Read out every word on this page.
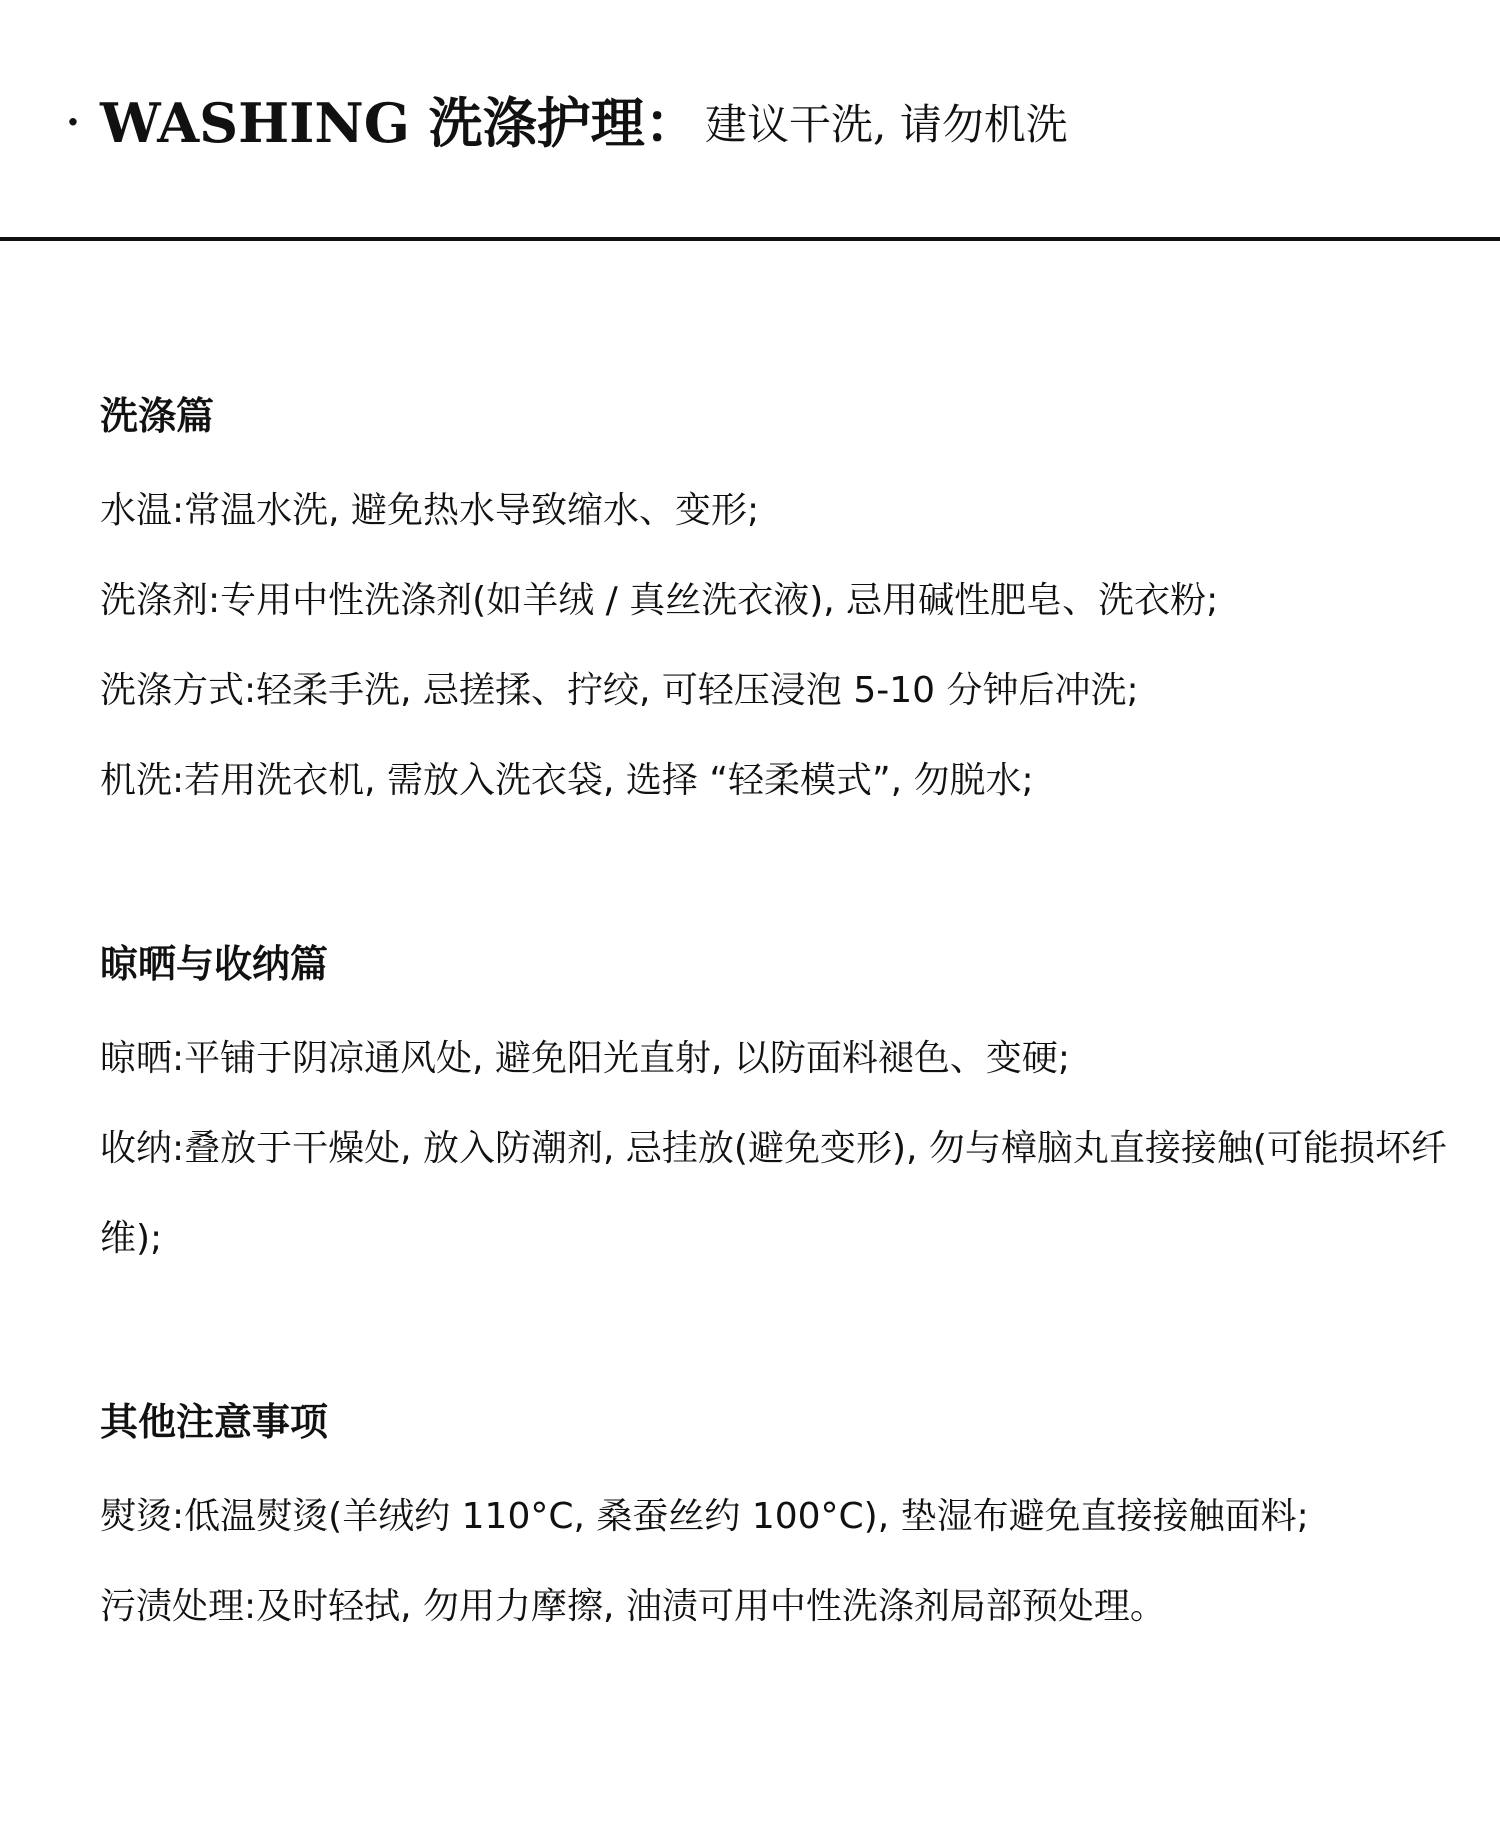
· WASHING 洗涤护理： 建议干洗, 请勿机洗
洗涤篇

水温:常温水洗, 避免热水导致缩水、变形;

洗涤剂:专用中性洗涤剂(如羊绒 / 真丝洗衣液), 忌用碱性肥皂、洗衣粉;

洗涤方式:轻柔手洗, 忌搓揉、拧绞, 可轻压浸泡 5-10 分钟后冲洗;

机洗:若用洗衣机, 需放入洗衣袋, 选择 “轻柔模式”, 勿脱水;

晾晒与收纳篇

晾晒:平铺于阴凉通风处, 避免阳光直射, 以防面料褪色、变硬;

收纳:叠放于干燥处, 放入防潮剂, 忌挂放(避免变形), 勿与樟脑丸直接接触(可能损坏纤维);

其他注意事项

熨烫:低温熨烫(羊绒约 110°C, 桑蚕丝约 100°C), 垫湿布避免直接接触面料;

污渍处理:及时轻拭, 勿用力摩擦, 油渍可用中性洗涤剂局部预处理。
